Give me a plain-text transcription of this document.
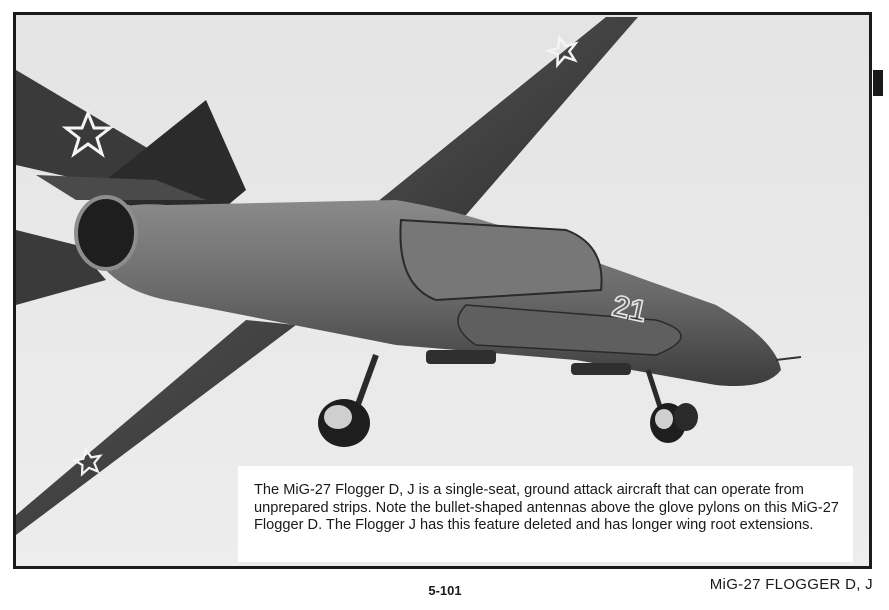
21
The MiG-27 Flogger D, J is a single-seat, ground attack aircraft that can operate from unprepared strips. Note the bullet-shaped antennas above the glove pylons on this MiG-27 Flogger D. The Flogger J has this feature deleted and has longer wing root extensions.
5-101	MiG-27 FLOGGER D, J
